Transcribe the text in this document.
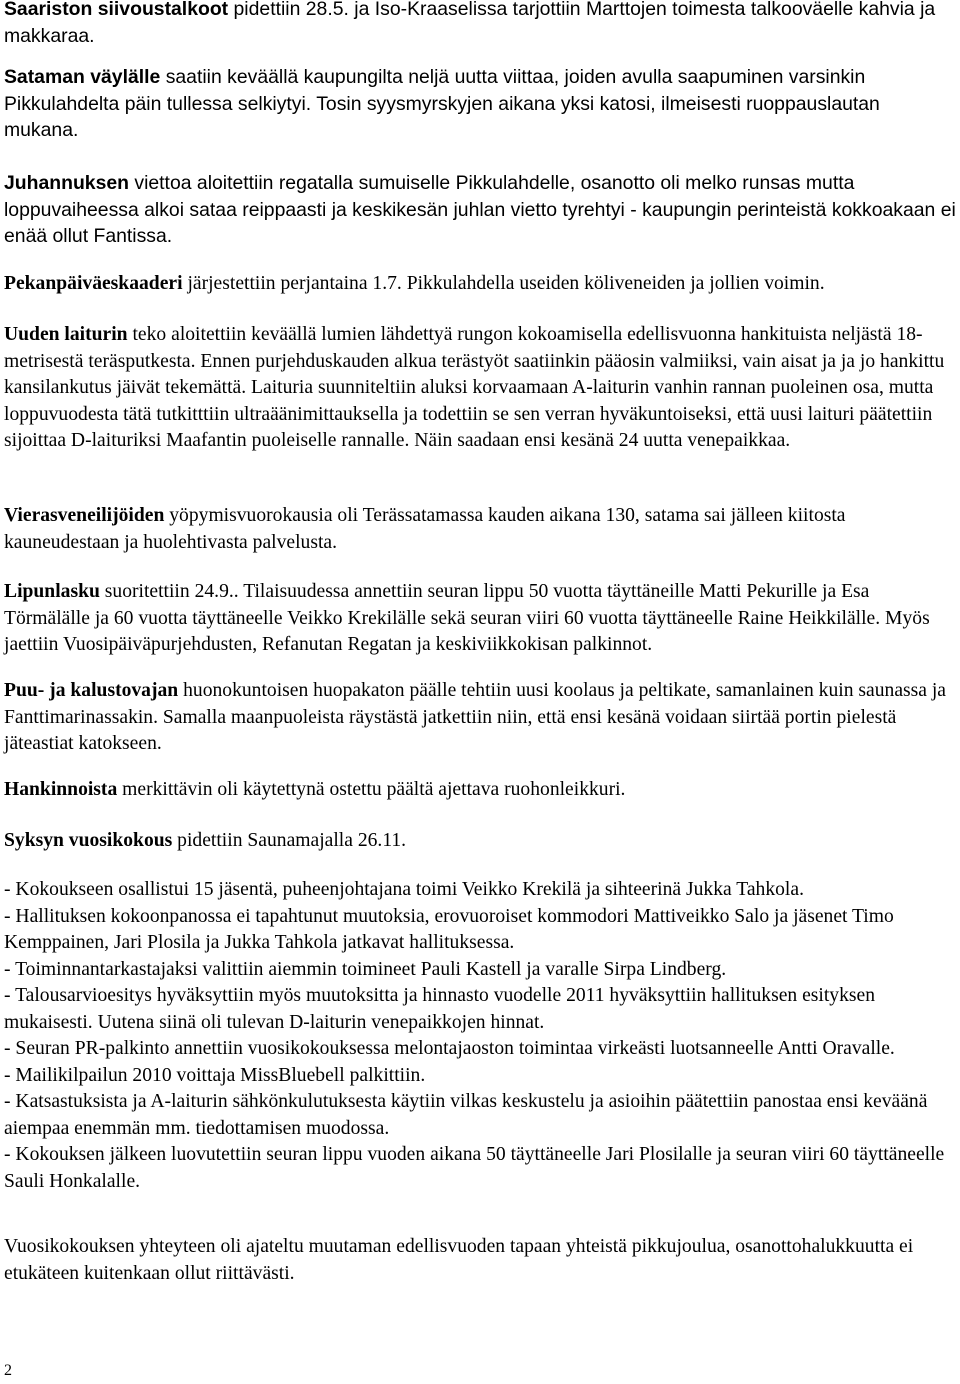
Saariston siivoustalkoot pidettiin 28.5. ja Iso-Kraaselissa tarjottiin Marttojen toimesta talkooväelle kahvia ja makkaraa.

Sataman väylälle saatiin keväällä kaupungilta neljä uutta viittaa, joiden avulla saapuminen varsinkin Pikkulahdelta päin tullessa selkiytyi. Tosin syysmyrskyjen aikana yksi katosi, ilmeisesti ruoppauslautan mukana.

Juhannuksen viettoa aloitettiin regatalla sumuiselle Pikkulahdelle, osanotto oli melko runsas mutta loppuvaiheessa alkoi sataa reippaasti ja keskikesän juhlan vietto tyrehtyi - kaupungin perinteistä kokkoakaan ei enää ollut Fantissa.

Pekanpäiväeskaaderi järjestettiin perjantaina 1.7. Pikkulahdella useiden köliveneiden ja jollien voimin.

Uuden laiturin teko aloitettiin keväällä lumien lähdettyä rungon kokoamisella edellisvuonna hankituista neljästä 18-metrisestä teräsputkesta. Ennen purjehduskauden alkua terästyöt saatiinkin pääosin valmiiksi, vain aisat ja ja jo hankittu kansilankutus jäivät tekemättä. Laituria suunniteltiin aluksi korvaamaan A-laiturin vanhin rannan puoleinen osa, mutta loppuvuodesta tätä tutkitttiin ultraäänimittauksella ja todettiin se sen verran hyväkuntoiseksi, että uusi laituri päätettiin sijoittaa D-laituriksi Maafantin puoleiselle rannalle. Näin saadaan ensi kesänä 24 uutta venepaikkaa.

Vierasveneilijöiden yöpymisvuorokausia oli Terässatamassa kauden aikana 130, satama sai jälleen kiitosta kauneudestaan ja huolehtivasta palvelusta.

Lipunlasku suoritettiin 24.9.. Tilaisuudessa annettiin seuran lippu 50 vuotta täyttäneille Matti Pekurille ja Esa Törmälälle ja 60 vuotta täyttäneelle Veikko Krekilälle sekä seuran viiri 60 vuotta täyttäneelle Raine Heikkilälle. Myös jaettiin Vuosipäiväpurjehdusten, Refanutan Regatan ja keskiviikkokisan palkinnot.

Puu- ja kalustovajan huonokuntoisen huopakaton päälle tehtiin uusi koolaus ja peltikate, samanlainen kuin saunassa ja Fanttimarinassakin. Samalla maanpuoleista räystästä jatkettiin niin, että ensi kesänä voidaan siirtää portin pielestä jäteastiat katokseen.

Hankinnoista merkittävin oli käytettynä ostettu päältä ajettava ruohonleikkuri.

Syksyn vuosikokous pidettiin Saunamajalla 26.11.

- Kokoukseen osallistui 15 jäsentä, puheenjohtajana toimi Veikko Krekilä ja sihteerinä Jukka Tahkola.
- Hallituksen kokoonpanossa ei tapahtunut muutoksia, erovuoroiset kommodori Mattiveikko Salo ja jäsenet Timo Kemppainen, Jari Plosila ja Jukka Tahkola jatkavat hallituksessa.
- Toiminnantarkastajaksi valittiin aiemmin toimineet Pauli Kastell ja varalle Sirpa Lindberg.
- Talousarvioesitys hyväksyttiin myös muutoksitta ja hinnasto vuodelle 2011 hyväksyttiin hallituksen esityksen mukaisesti. Uutena siinä oli tulevan D-laiturin venepaikkojen hinnat.
- Seuran PR-palkinto annettiin vuosikokouksessa melontajaoston toimintaa virkeästi luotsanneelle Antti Oravalle.
- Mailikilpailun 2010 voittaja MissBluebell palkittiin.
- Katsastuksista ja A-laiturin sähkönkulutuksesta käytiin vilkas keskustelu ja asioihin päätettiin panostaa ensi keväänä aiempaa enemmän mm. tiedottamisen muodossa.
- Kokouksen jälkeen luovutettiin seuran lippu vuoden aikana 50 täyttäneelle Jari Plosilalle ja seuran viiri 60 täyttäneelle Sauli Honkalalle.

Vuosikokouksen yhteyteen oli ajateltu muutaman edellisvuoden tapaan yhteistä pikkujoulua, osanottohalukkuutta ei etukäteen kuitenkaan ollut riittävästi.

2
